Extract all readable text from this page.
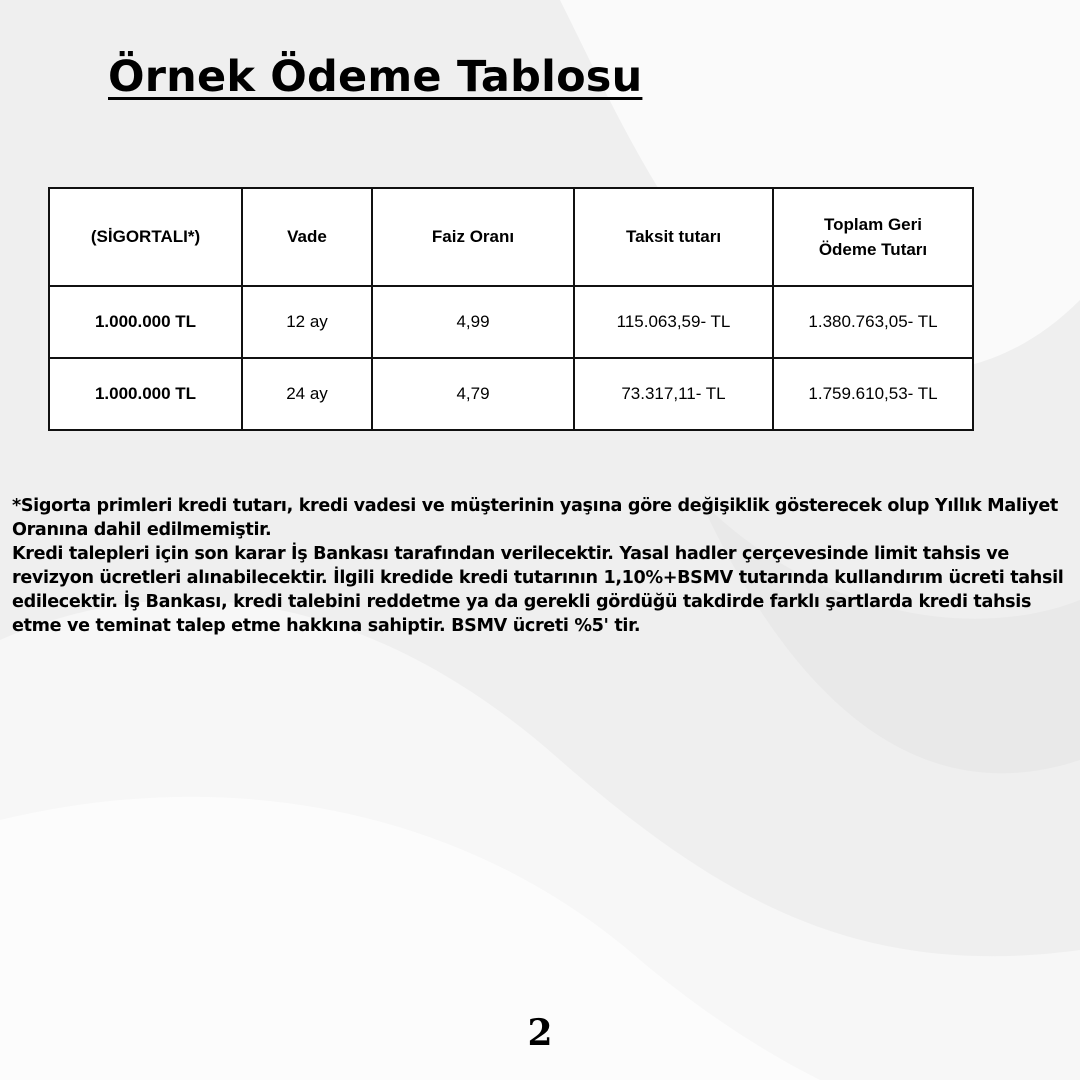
Örnek Ödeme Tablosu
(SİGORTALI*)	Vade	Faiz Oranı	Taksit tutarı	Toplam Geri Ödeme Tutarı
1.000.000 TL	12 ay	4,99	115.063,59- TL	1.380.763,05- TL
1.000.000 TL	24 ay	4,79	73.317,11- TL	1.759.610,53- TL

*Sigorta primleri kredi tutarı, kredi vadesi ve müşterinin yaşına göre değişiklik gösterecek olup Yıllık Maliyet Oranına dahil edilmemiştir.

Kredi talepleri için son karar İş Bankası tarafından verilecektir. Yasal hadler çerçevesinde limit tahsis ve revizyon ücretleri alınabilecektir. İlgili kredide kredi tutarının 1,10%+BSMV tutarında kullandırım ücreti tahsil edilecektir. İş Bankası, kredi talebini reddetme ya da gerekli gördüğü takdirde farklı şartlarda kredi tahsis etme ve teminat talep etme hakkına sahiptir. BSMV ücreti %5' tir.

2
